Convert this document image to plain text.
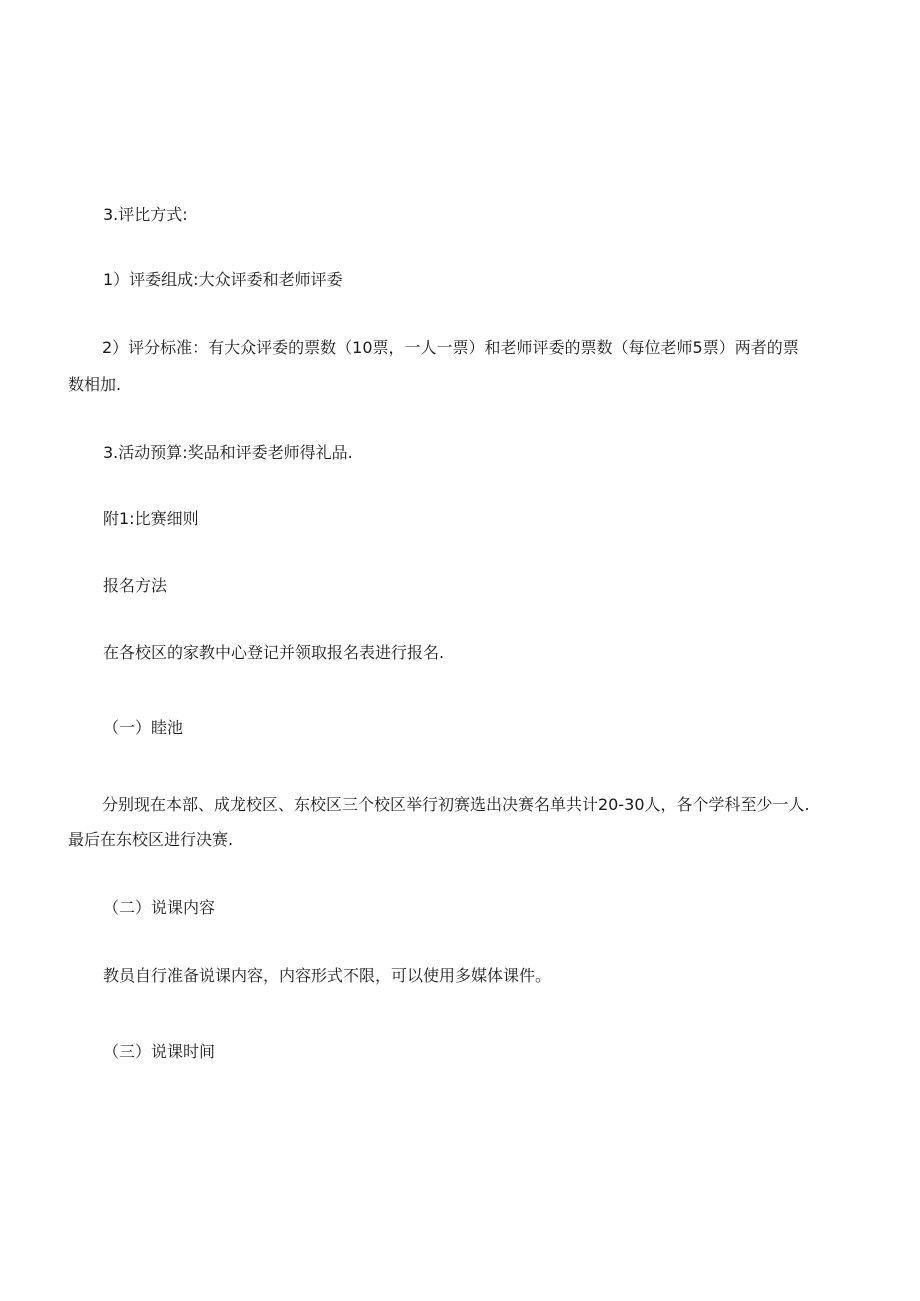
3.评比方式:

1）评委组成:大众评委和老师评委

2）评分标准：有大众评委的票数（10票，一人一票）和老师评委的票数（每位老师5票）两者的票
数相加.

3.活动预算:奖品和评委老师得礼品.

附1:比赛细则

报名方法

在各校区的家教中心登记并领取报名表进行报名.

（一）睦池

分别现在本部、成龙校区、东校区三个校区举行初赛选出决赛名单共计20-30人，各个学科至少一人.
最后在东校区进行决赛.

（二）说课内容

教员自行准备说课内容，内容形式不限，可以使用多媒体课件。

（三）说课时间
